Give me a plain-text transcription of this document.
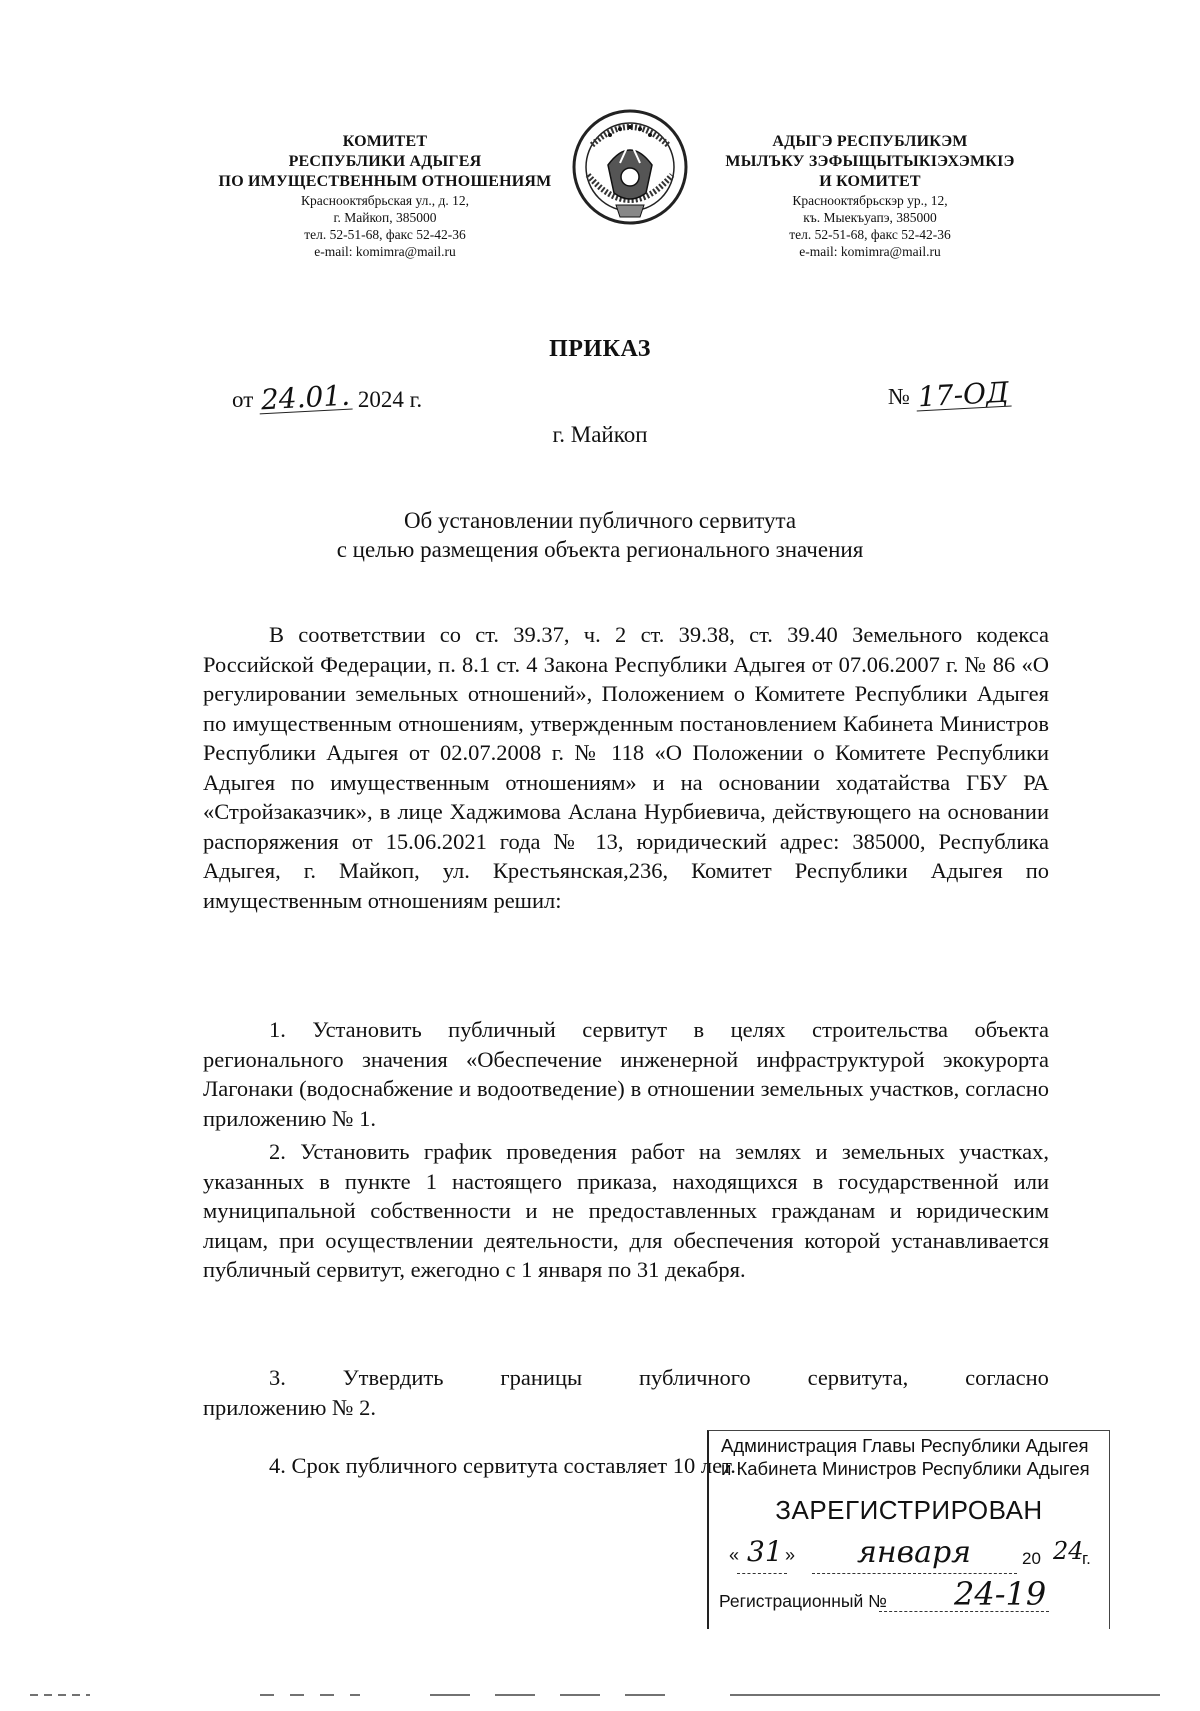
КОМИТЕТ
РЕСПУБЛИКИ АДЫГЕЯ
ПО ИМУЩЕСТВЕННЫМ ОТНОШЕНИЯМ
Краснооктябрьская ул., д. 12,
г. Майкоп, 385000
тел. 52-51-68, факс 52-42-36
e-mail: komimra@mail.ru
АДЫГЭ РЕСПУБЛИКЭМ
МЫЛЪКУ ЗЭФЫЩЫТЫКIЭХЭМКIЭ
И КОМИТЕТ
Краснооктябрьскэр ур., 12,
къ. Мыекъуапэ, 385000
тел. 52-51-68, факс 52-42-36
e-mail: komimra@mail.ru
ПРИКАЗ
от 24.01. 2024 г.	№ 17-ОД
г. Майкоп
Об установлении публичного сервитута
с целью размещения объекта регионального значения

В соответствии со ст. 39.37, ч. 2 ст. 39.38, ст. 39.40 Земельного кодекса Российской Федерации, п. 8.1 ст. 4 Закона Республики Адыгея от 07.06.2007 г. № 86 «О регулировании земельных отношений», Положением о Комитете Республики Адыгея по имущественным отношениям, утвержденным постановлением Кабинета Министров Республики Адыгея от 02.07.2008 г. № 118 «О Положении о Комитете Республики Адыгея по имущественным отношениям» и на основании ходатайства ГБУ РА «Стройзаказчик», в лице Хаджимова Аслана Нурбиевича, действующего на основании распоряжения от 15.06.2021 года № 13, юридический адрес: 385000, Республика Адыгея, г. Майкоп, ул. Крестьянская,236, Комитет Республики Адыгея по имущественным отношениям решил:

1. Установить публичный сервитут в целях строительства объекта регионального значения «Обеспечение инженерной инфраструктурой экокурорта Лагонаки (водоснабжение и водоотведение) в отношении земельных участков, согласно приложению № 1.

2. Установить график проведения работ на землях и земельных участках, указанных в пункте 1 настоящего приказа, находящихся в государственной или муниципальной собственности и не предоставленных гражданам и юридическим лицам, при осуществлении деятельности, для обеспечения которой устанавливается публичный сервитут, ежегодно с 1 января по 31 декабря.

3.	Утвердить	границы	публичного	сервитута,	согласно
приложению № 2.

4. Срок публичного сервитута составляет 10 лет.

Администрация Главы Республики Адыгея
и Кабинета Министров Республики Адыгея
ЗАРЕГИСТРИРОВАН
« 31 » января	20 24
г.
Регистрационный № 24-19
